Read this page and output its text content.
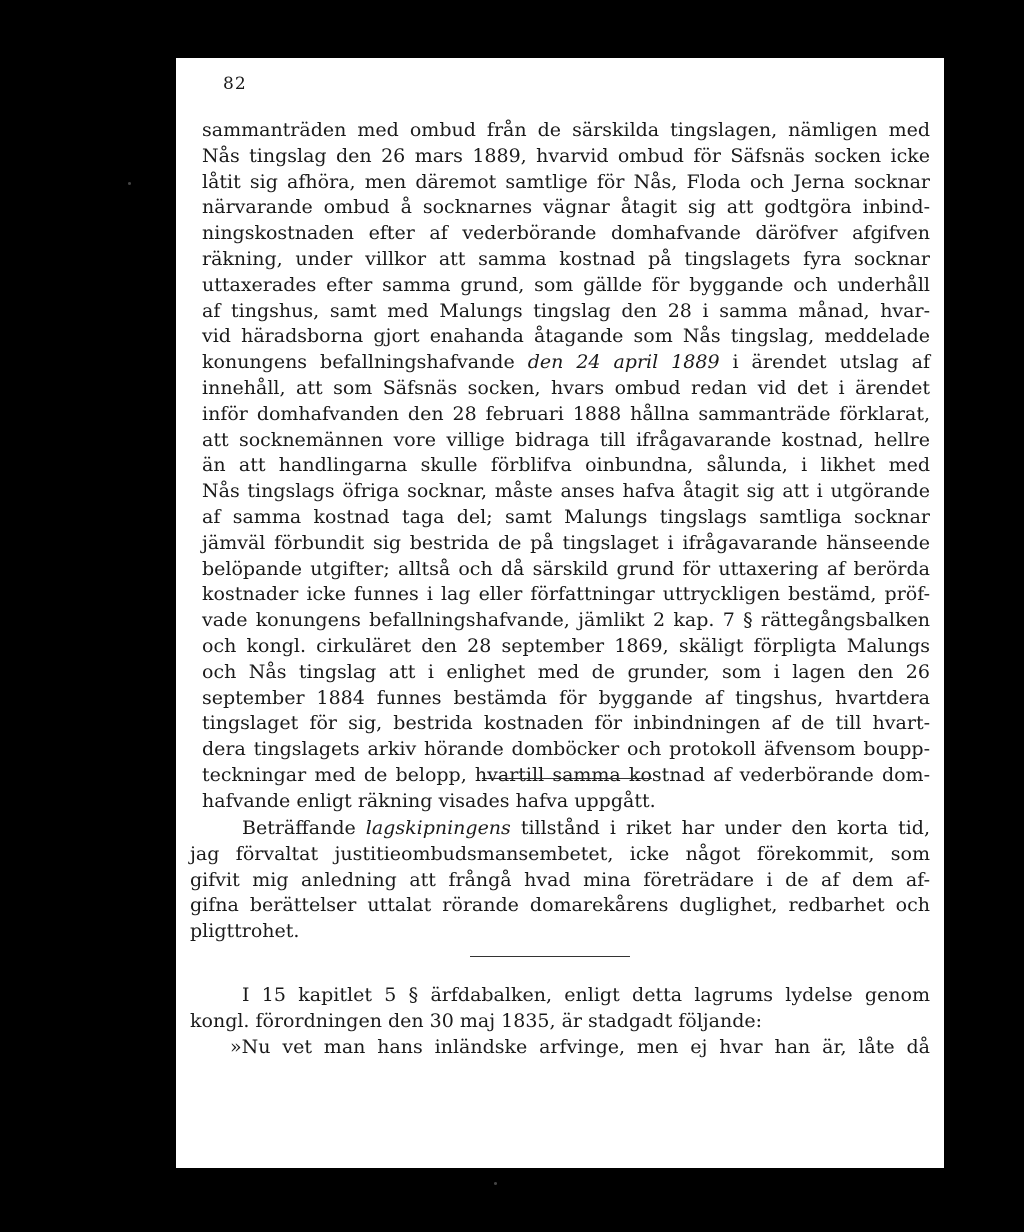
82
sammanträden med ombud från de särskilda tingslagen, nämligen med
Nås tingslag den 26 mars 1889, hvarvid ombud för Säfsnäs socken icke
låtit sig afhöra, men däremot samtlige för Nås, Floda och Jerna socknar
närvarande ombud å socknarnes vägnar åtagit sig att godtgöra inbind-
ningskostnaden efter af vederbörande domhafvande däröfver afgifven
räkning, under villkor att samma kostnad på tingslagets fyra socknar
uttaxerades efter samma grund, som gällde för byggande och underhåll
af tingshus, samt med Malungs tingslag den 28 i samma månad, hvar-
vid häradsborna gjort enahanda åtagande som Nås tingslag, meddelade
konungens befallningshafvande den 24 april 1889 i ärendet utslag af
innehåll, att som Säfsnäs socken, hvars ombud redan vid det i ärendet
inför domhafvanden den 28 februari 1888 hållna sammanträde förklarat,
att socknemännen vore villige bidraga till ifrågavarande kostnad, hellre
än att handlingarna skulle förblifva oinbundna, sålunda, i likhet med
Nås tingslags öfriga socknar, måste anses hafva åtagit sig att i utgörande
af samma kostnad taga del; samt Malungs tingslags samtliga socknar
jämväl förbundit sig bestrida de på tingslaget i ifrågavarande hänseende
belöpande utgifter; alltså och då särskild grund för uttaxering af berörda
kostnader icke funnes i lag eller författningar uttryckligen bestämd, pröf-
vade konungens befallningshafvande, jämlikt 2 kap. 7 § rättegångsbalken
och kongl. cirkuläret den 28 september 1869, skäligt förpligta Malungs
och Nås tingslag att i enlighet med de grunder, som i lagen den 26
september 1884 funnes bestämda för byggande af tingshus, hvartdera
tingslaget för sig, bestrida kostnaden för inbindningen af de till hvart-
dera tingslagets arkiv hörande domböcker och protokoll äfvensom boupp-
teckningar med de belopp, hvartill samma kostnad af vederbörande dom-
hafvande enligt räkning visades hafva uppgått.
Beträffande lagskipningens tillstånd i riket har under den korta tid,
jag förvaltat justitieombudsmansembetet, icke något förekommit, som
gifvit mig anledning att frångå hvad mina företrädare i de af dem af-
gifna berättelser uttalat rörande domarekårens duglighet, redbarhet och
pligttrohet.
I 15 kapitlet 5 § ärfdabalken, enligt detta lagrums lydelse genom
kongl. förordningen den 30 maj 1835, är stadgadt följande:
»Nu vet man hans inländske arfvinge, men ej hvar han är, låte då
